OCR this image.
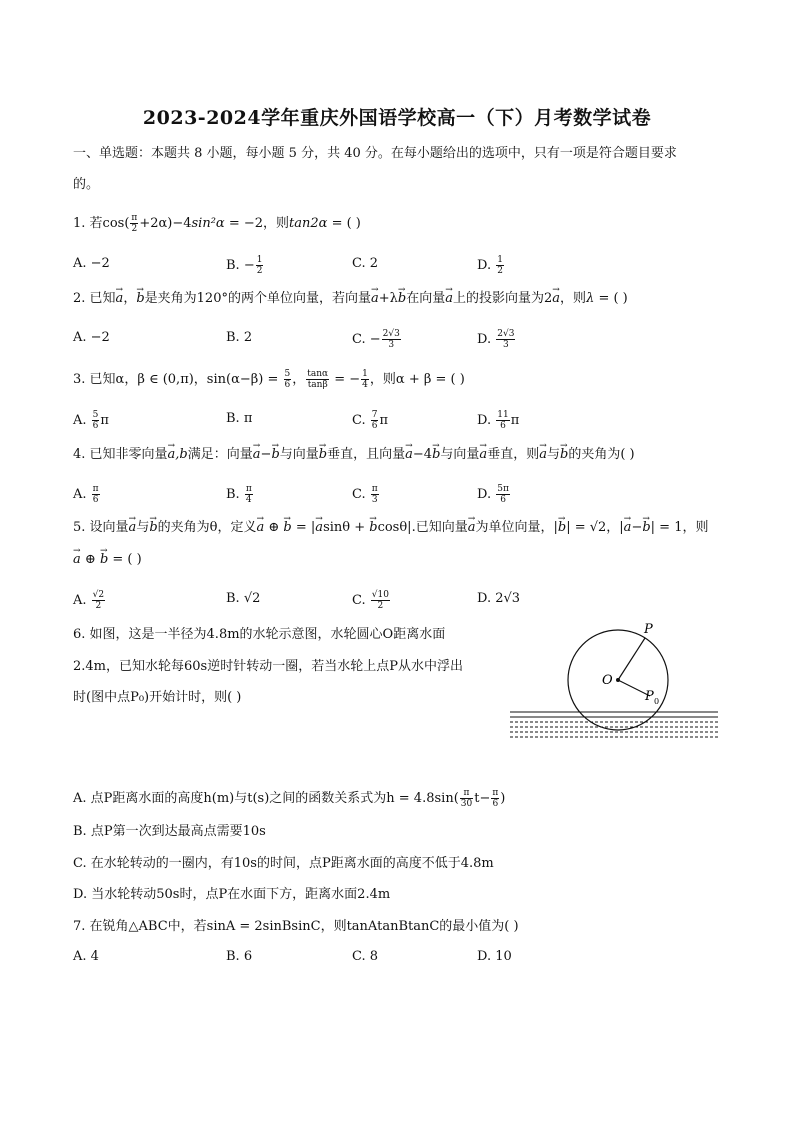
2023-2024学年重庆外国语学校高一（下）月考数学试卷
一、单选题：本题共 8 小题，每小题 5 分，共 40 分。在每小题给出的选项中，只有一项是符合题目要求
的。
1. 若$\cos( \frac{\pi}{2} +2\alpha)-4\sin^2\alpha = -2$，则tan2α = ( )
A. −2	B. − $\frac{1}{2}$	C. 2	D. $\frac{1}{2}$
2. 已知→ a，→ b是夹角为120°的两个单位向量，若向量→ a+λ→ b在向量→ a上的投影向量为2→ a，则λ = ( )
A. −2	B. 2	C. − $\frac{2√3}{3}$	D. $\frac{2√3}{3}$
3. 已知α，β ∈ (0,π)，$\sin(\alpha-\beta) = \frac{5}{6}$ ， $\frac{\tan\alpha}{\tan\beta}$ = − $\frac{1}{4}$ ，则α + β = ( )
A. $\frac{5}{6}$ π	B. π	C. $\frac{7}{6}$ π	D. $\frac{11}{6}$ π
4. 已知非零向量→ a,b满足：向量→ a−→ b与向量→ b垂直，且向量→ a−4→ b与向量→ a垂直，则→ a与→ b的夹角为( )
A. $\frac{\pi}{6}$	B. $\frac{\pi}{4}$	C. $\frac{\pi}{3}$	D. $\frac{5\pi}{6}$
5. 设向量→ a与→ b的夹角为θ，定义→ a ⊕ → b = |→ asinθ + → bcosθ|.已知向量→ a为单位向量，|→ b| = √2，|→ a−→ b| = 1，则
→ a ⊕ → b = ( )
A. $\frac{√2}{2}$	B. √2	C. $\frac{√10}{2}$	D. 2√3
6. 如图，这是一半径为4.8m的水轮示意图，水轮圆心O距离水面
2.4m，已知水轮每60s逆时针转动一圈，若当水轮上点P从水中浮出
时(图中点P₀)开始计时，则( )
O
P
P 0
A. 点P距离水面的高度h(m)与t(s)之间的函数关系式为$h = 4.8\sin( \frac{\pi}{30} t- \frac{\pi}{6}$ )
B. 点P第一次到达最高点需要10s
C. 在水轮转动的一圈内，有10s的时间，点P距离水面的高度不低于4.8m
D. 当水轮转动50s时，点P在水面下方，距离水面2.4m
7. 在锐角△ABC中，若sinA = 2sinBsinC，则tanAtanBtanC的最小值为( )
A. 4	B. 6	C. 8	D. 10
